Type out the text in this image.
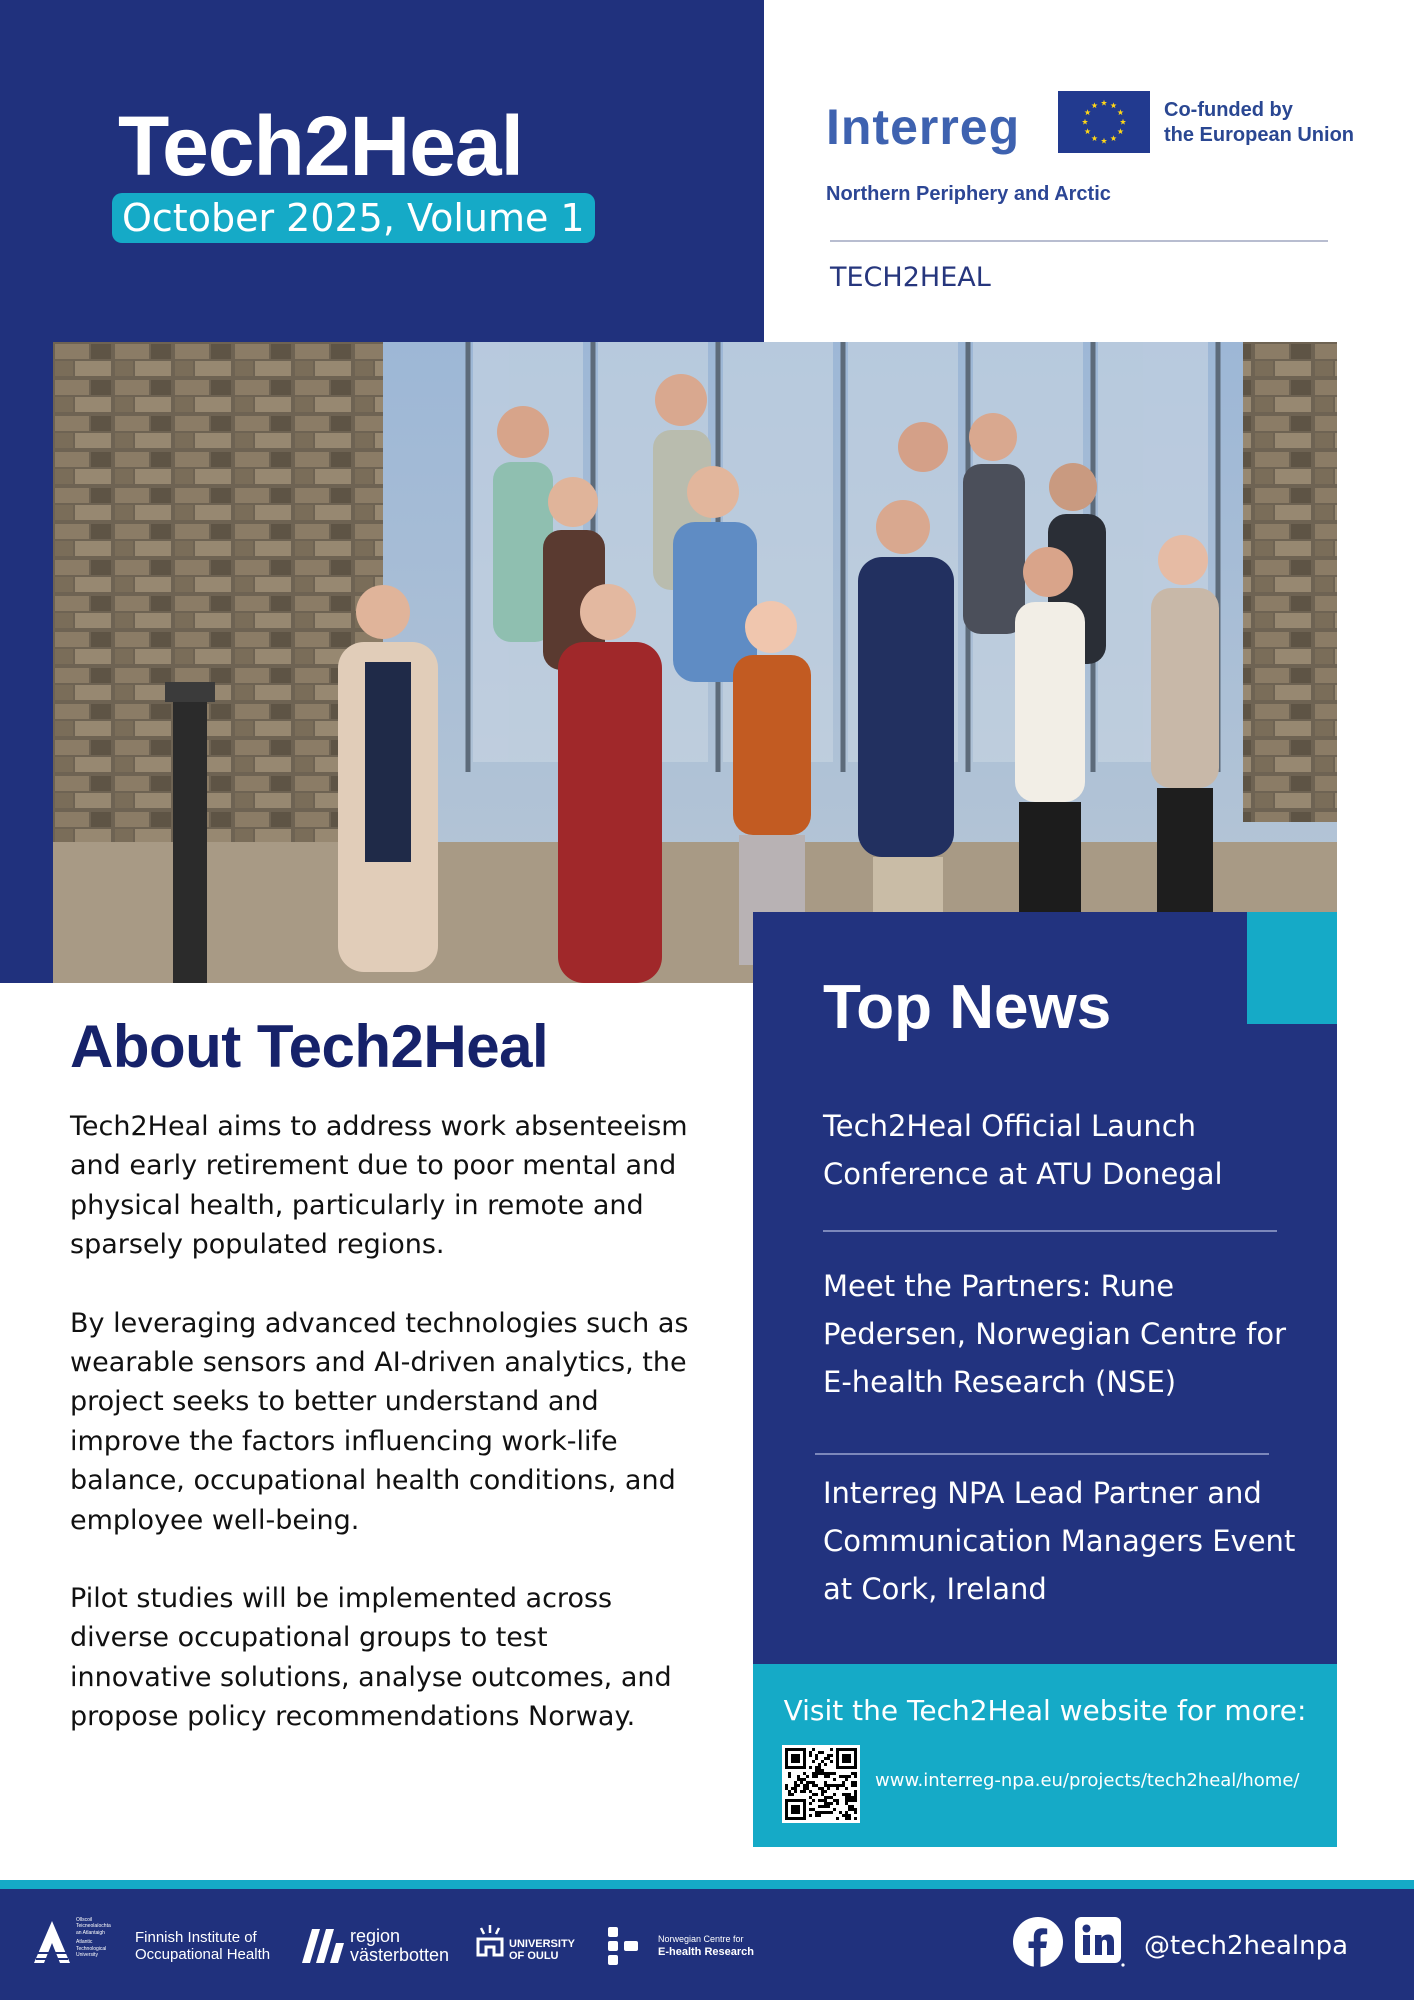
Tech2Heal
October 2025, Volume 1
Interreg	Co-funded by
the European Union
Northern Periphery and Arctic
TECH2HEAL
About Tech2Heal

Tech2Heal aims to address work absenteeism and early retirement due to poor mental and physical health, particularly in remote and sparsely populated regions.

By leveraging advanced technologies such as wearable sensors and AI-driven analytics, the project seeks to better understand and improve the factors influencing work-life balance, occupational health conditions, and employee well-being.

Pilot studies will be implemented across diverse occupational groups to test innovative solutions, analyse outcomes, and propose policy recommendations Norway.

Top News
Tech2Heal Official Launch Conference at ATU Donegal
Meet the Partners: Rune Pedersen, Norwegian Centre for E-health Research (NSE)
Interreg NPA Lead Partner and Communication Managers Event at Cork, Ireland
Visit the Tech2Heal website for more:
www.interreg-npa.eu/projects/tech2heal/home/
Ollscoil
Teicneolaíochta
an Atlantaigh
Atlantic
Technological
University
Finnish Institute of
Occupational Health
region
västerbotten
UNIVERSITY
OF OULU
Norwegian Centre for
E-health Research	@tech2healnpa
